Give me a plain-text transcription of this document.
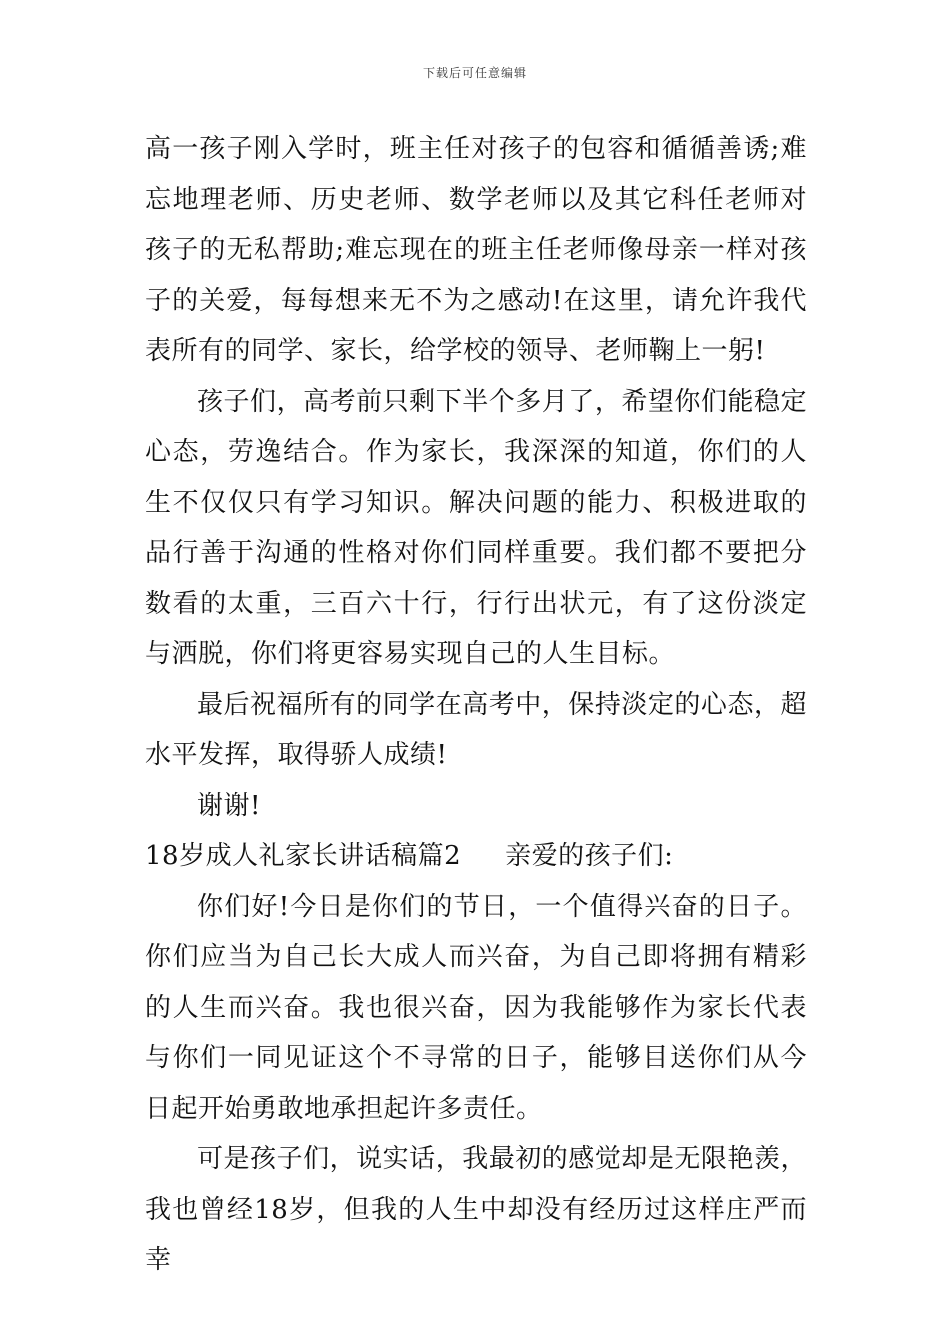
下载后可任意编辑

高一孩子刚入学时，班主任对孩子的包容和循循善诱;难忘地理老师、历史老师、数学老师以及其它科任老师对孩子的无私帮助;难忘现在的班主任老师像母亲一样对孩子的关爱，每每想来无不为之感动!在这里，请允许我代表所有的同学、家长，给学校的领导、老师鞠上一躬!

孩子们，高考前只剩下半个多月了，希望你们能稳定心态，劳逸结合。作为家长，我深深的知道，你们的人生不仅仅只有学习知识。解决问题的能力、积极进取的品行善于沟通的性格对你们同样重要。我们都不要把分数看的太重，三百六十行，行行出状元，有了这份淡定与洒脱，你们将更容易实现自己的人生目标。

最后祝福所有的同学在高考中，保持淡定的心态，超水平发挥，取得骄人成绩!

谢谢!

18岁成人礼家长讲话稿篇2 亲爱的孩子们:

你们好!今日是你们的节日，一个值得兴奋的日子。你们应当为自己长大成人而兴奋，为自己即将拥有精彩的人生而兴奋。我也很兴奋，因为我能够作为家长代表与你们一同见证这个不寻常的日子，能够目送你们从今日起开始勇敢地承担起许多责任。

可是孩子们，说实话，我最初的感觉却是无限艳羡，我也曾经18岁，但我的人生中却没有经历过这样庄严而幸
